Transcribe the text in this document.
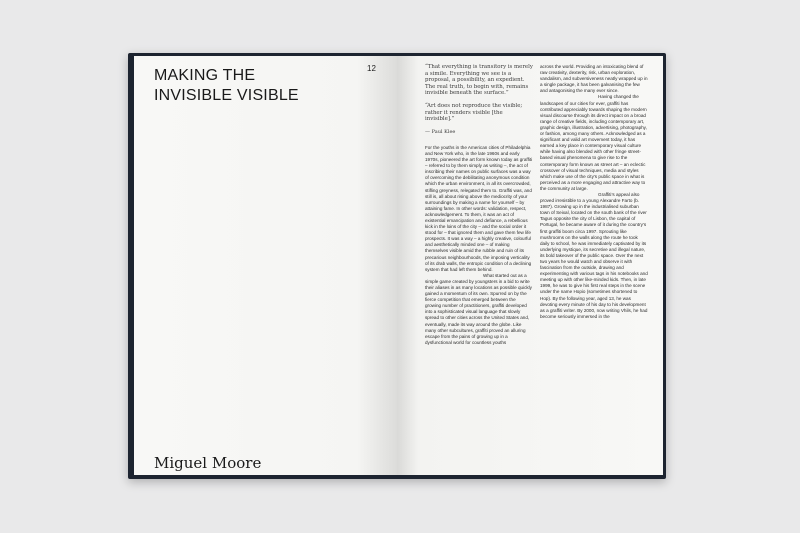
MAKING THE
INVISIBLE VISIBLE
12
Miguel Moore

“That everything is transitory is merely a simile. Everything we see is a proposal, a possibility, an expedient. The real truth, to begin with, remains invisible beneath the surface.”

“Art does not reproduce the visible; rather it renders visible [the invisible].”

— Paul Klee

For the youths in the American cities of Philadelphia and New York who, in the late 1960s and early 1970s, pioneered the art form known today as graffiti – referred to by them simply as writing –, the act of inscribing their names on public surfaces was a way of overcoming the debilitating anonymous condition which the urban environment, in all its overcrowded, stifling greyness, relegated them to. Graffiti was, and still is, all about rising above the mediocrity of your surroundings by making a name for yourself – by attaining fame. In other words: validation, respect, acknowledgement. To them, it was an act of existential emancipation and defiance, a rebellious kick in the loins of the city – and the social order it stood for – that ignored them and gave them few life prospects. It was a way – a highly creative, colourful and aesthetically minded one – of making themselves visible amid the rubble and ruin of its precarious neighbourhoods, the imposing verticality of its drab walls, the entropic condition of a declining system that had left them behind.

What started out as a simple game created by youngsters in a bid to write their aliases in as many locations as possible quickly gained a momentum of its own. Spurred on by the fierce competition that emerged between the growing number of practitioners, graffiti developed into a sophisticated visual language that slowly spread to other cities across the United States and, eventually, made its way around the globe. Like many other subcultures, graffiti proved an alluring escape from the pains of growing up in a dysfunctional world for countless youths

across the world. Providing an intoxicating blend of raw creativity, dexterity, risk, urban exploration, vandalism, and subversiveness neatly wrapped up in a single package, it has been galvanising the few and antagonising the many ever since.

Having changed the landscapes of our cities for ever, graffiti has contributed appreciably towards shaping the modern visual discourse through its direct impact on a broad range of creative fields, including contemporary art, graphic design, illustration, advertising, photography, or fashion, among many others. Acknowledged as a significant and valid art movement today, it has earned a key place in contemporary visual culture while having also blended with other fringe street-based visual phenomena to give rise to the contemporary form known as street art – an eclectic crossover of visual techniques, media and styles which make use of the city’s public space in what is perceived as a more engaging and attractive way to the community at large.

Graffiti’s appeal also proved irresistible to a young Alexandre Farto (b. 1987). Growing up in the industrialised suburban town of Seixal, located on the south bank of the river Tagus opposite the city of Lisbon, the capital of Portugal, he became aware of it during the country’s first graffiti boom circa 1997. Sprouting like mushrooms on the walls along the route he took daily to school, he was immediately captivated by its underlying mystique, its secretive and illegal nature, its bold takeover of the public space. Over the next two years he would watch and observe it with fascination from the outside, drawing and experimenting with various tags in his notebooks and meeting up with other like-minded kids. Then, in late 1999, he was to give his first real steps in the scene under the name Hopio (sometimes shortened to Hop). By the following year, aged 13, he was devoting every minute of his day to his development as a graffiti writer. By 2000, now writing Vhils, he had become seriously immersed in the
